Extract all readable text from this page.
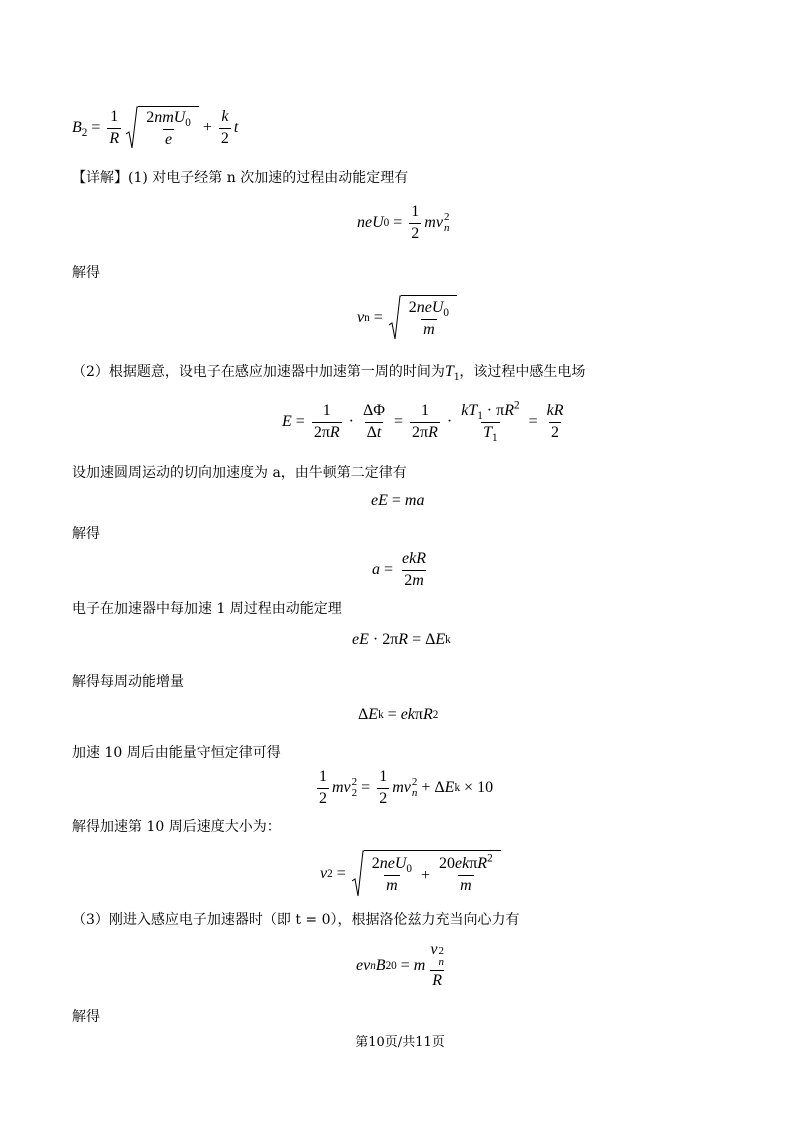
$B_2 = \frac{1}{R} \frac{2nmU_0}{e} + \frac{k}{2}$ t
【详解】(1) 对电子经第 n 次加速的过程由动能定理有
neU $0 = \frac{1}{2}$ mv 2
n
解得
v $n = \frac{2neU_0}{m}$
（2）根据题意，设电子在感应加速器中加速第一周的时间为$T_1$，该过程中感生电场
$E = \frac{1}{2\pi R} \cdot \frac{\Delta\Phi}{\Delta t} = \frac{1}{2\pi R} \cdot \frac{kT_1 \cdot \pi R^2}{T_1} = \frac{kR}{2}$
设加速圆周运动的切向加速度为 a，由牛顿第二定律有
eE = ma
解得
$a = \frac{\text{ekR}}{2m}$
电子在加速器中每加速 1 周过程由动能定理
eE · 2π R = Δ E k
解得每周动能增量
Δ E k = ek π R 2
加速 10 周后由能量守恒定律可得
$\frac{1}{2}$ mv 2
$2 = \frac{1}{2}$ mv 2
n + Δ E k × 10
解得加速第 10 周后速度大小为：
v $2 = \frac{2neU_0}{m} + \frac{20ek\pi R^2}{m}$
（3）刚进入感应电子加速器时（即 t = 0），根据洛伦兹力充当向心力有
ev n B 20 = m v 2
n
R
解得
第10页/共11页
